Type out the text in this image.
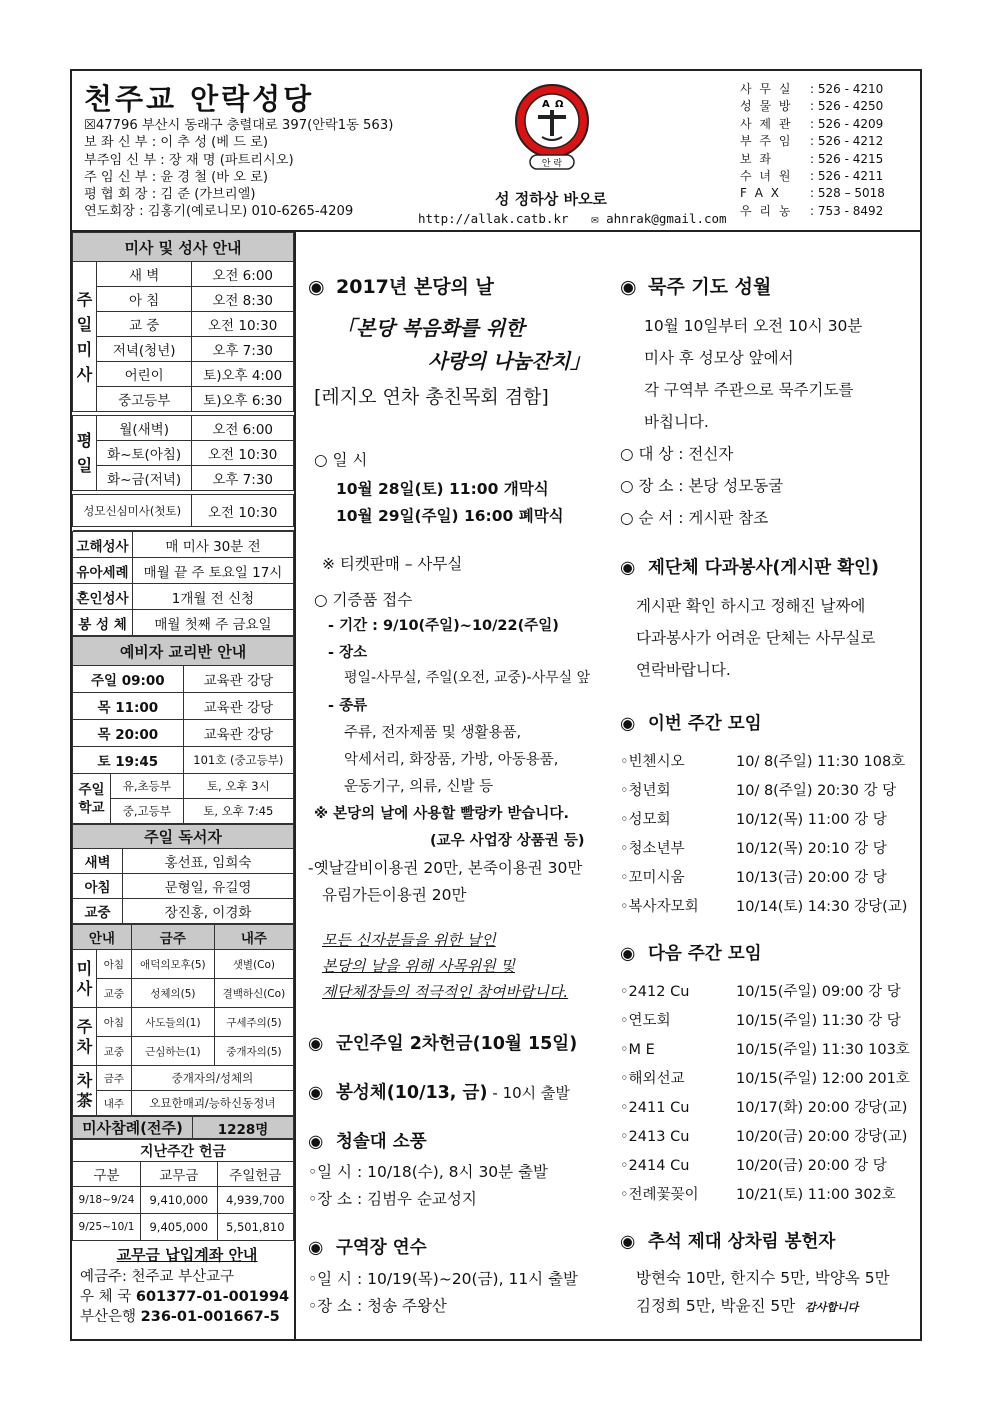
천주교 안락성당
☒47796 부산시 동래구 충렬대로 397(안락1동 563)
보 좌 신 부 : 이 추 성 (베 드 로)
부주임 신 부 : 장 재 명 (파트리시오)
주 임 신 부 : 윤 경 철 (바 오 로)
평 협 회 장 : 김 준 (가브리엘)
연도회장 : 김홍기(예로니모) 010-6265-4209
A Ω
안 락
성 정하상 바오로
http://allak.catb.kr ✉ ahnrak@gmail.com
사 무 실 : 526 - 4210
성 물 방 : 526 - 4250
사 제 관 : 526 - 4209
부 주 임 : 526 - 4212
보 좌	: 526 - 4215
수 녀 원 : 526 - 4211
F A X : 528 – 5018
우 리 농 : 753 - 8492
미사 및 성사 안내		
주
일
미
사	새 벽	오전 6:00
	아 침	오전 8:30
	교 중	오전 10:30
	저녁(청년)	오후 7:30
	어린이	토)오후 4:00
	중고등부	토)오후 6:30

평
일	월(새벽)	오전 6:00
	화~토(아침)	오전 10:30
	화~금(저녁)	오후 7:30

성모신심미사(첫토)		오전 10:30

고해성사	매 미사 30분 전
유아세례	매월 끝 주 토요일 17시
혼인성사	1개월 전 신청
봉 성 체	매월 첫째 주 금요일
예비자 교리반 안내		
주일 09:00		교육관 강당
목 11:00		교육관 강당
목 20:00		교육관 강당
토 19:45		101호 (중고등부)
주일
학교	유,초등부	토, 오후 3시
	중,고등부	토, 오후 7:45
주일 독서자	
새벽	홍선표, 임희숙
아침	문형일, 유길영
교중	장진홍, 이경화
안내		금주	내주
미
사	아침	애덕의모후(5)	샛별(Co)
	교중	성체의(5)	결백하신(Co)
주
차	아침	사도들의(1)	구세주의(5)
	교중	근심하는(1)	중개자의(5)
차
茶	금주	중개자의/성체의	
	내주	오묘한매괴/능하신동정녀	
미사참례(전주)	1228명
지난주간 헌금		
구분	교무금	주일헌금
9/18~9/24	9,410,000	4,939,700
9/25~10/1	9,405,000	5,501,810
교무금 납입계좌 안내
예금주: 천주교 부산교구
우 체 국 601377-01-001994
부산은행 236-01-001667-5
◉ 2017년 본당의 날
「본당 복음화를 위한
사랑의 나눔잔치」
[레지오 연차 총친목회 겸함]
○ 일 시
10월 28일(토) 11:00 개막식
10월 29일(주일) 16:00 폐막식
※ 티켓판매 – 사무실
○ 기증품 접수
- 기간 : 9/10(주일)~10/22(주일)
- 장소
평일-사무실, 주일(오전, 교중)-사무실 앞
- 종류
주류, 전자제품 및 생활용품,
악세서리, 화장품, 가방, 아동용품,
운동기구, 의류, 신발 등
※ 본당의 날에 사용할 빨랑카 받습니다.
(교우 사업장 상품권 등)
-옛날갈비이용권 20만, 본죽이용권 30만
유림가든이용권 20만
모든 신자분들을 위한 날인
본당의 날을 위해 사목위원 및
제단체장들의 적극적인 참여바랍니다.
◉ 군인주일 2차헌금(10월 15일)
◉ 봉성체(10/13, 금) - 10시 출발
◉ 청솔대 소풍
◦일 시 : 10/18(수), 8시 30분 출발
◦장 소 : 김범우 순교성지
◉ 구역장 연수
◦일 시 : 10/19(목)~20(금), 11시 출발
◦장 소 : 청송 주왕산
◉ 묵주 기도 성월
10월 10일부터 오전 10시 30분
미사 후 성모상 앞에서
각 구역부 주관으로 묵주기도를
바칩니다.
○ 대 상 : 전신자
○ 장 소 : 본당 성모동굴
○ 순 서 : 게시판 참조
◉ 제단체 다과봉사(게시판 확인)
게시판 확인 하시고 정해진 날짜에
다과봉사가 어려운 단체는 사무실로
연락바랍니다.
◉ 이번 주간 모임
◦빈첸시오	10/ 8(주일) 11:30 108호
◦청년회	10/ 8(주일) 20:30 강 당
◦성모회	10/12(목) 11:00 강 당
◦청소년부	10/12(목) 20:10 강 당
◦꼬미시움	10/13(금) 20:00 강 당
◦복사자모회	10/14(토) 14:30 강당(교)
◉ 다음 주간 모임
◦2412 Cu	10/15(주일) 09:00 강 당
◦연도회	10/15(주일) 11:30 강 당
◦M E	10/15(주일) 11:30 103호
◦해외선교	10/15(주일) 12:00 201호
◦2411 Cu	10/17(화) 20:00 강당(교)
◦2413 Cu	10/20(금) 20:00 강당(교)
◦2414 Cu	10/20(금) 20:00 강 당
◦전례꽃꽂이	10/21(토) 11:00 302호
◉ 추석 제대 상차림 봉헌자
방현숙 10만, 한지수 5만, 박양옥 5만
김정희 5만, 박윤진 5만 감사합니다
